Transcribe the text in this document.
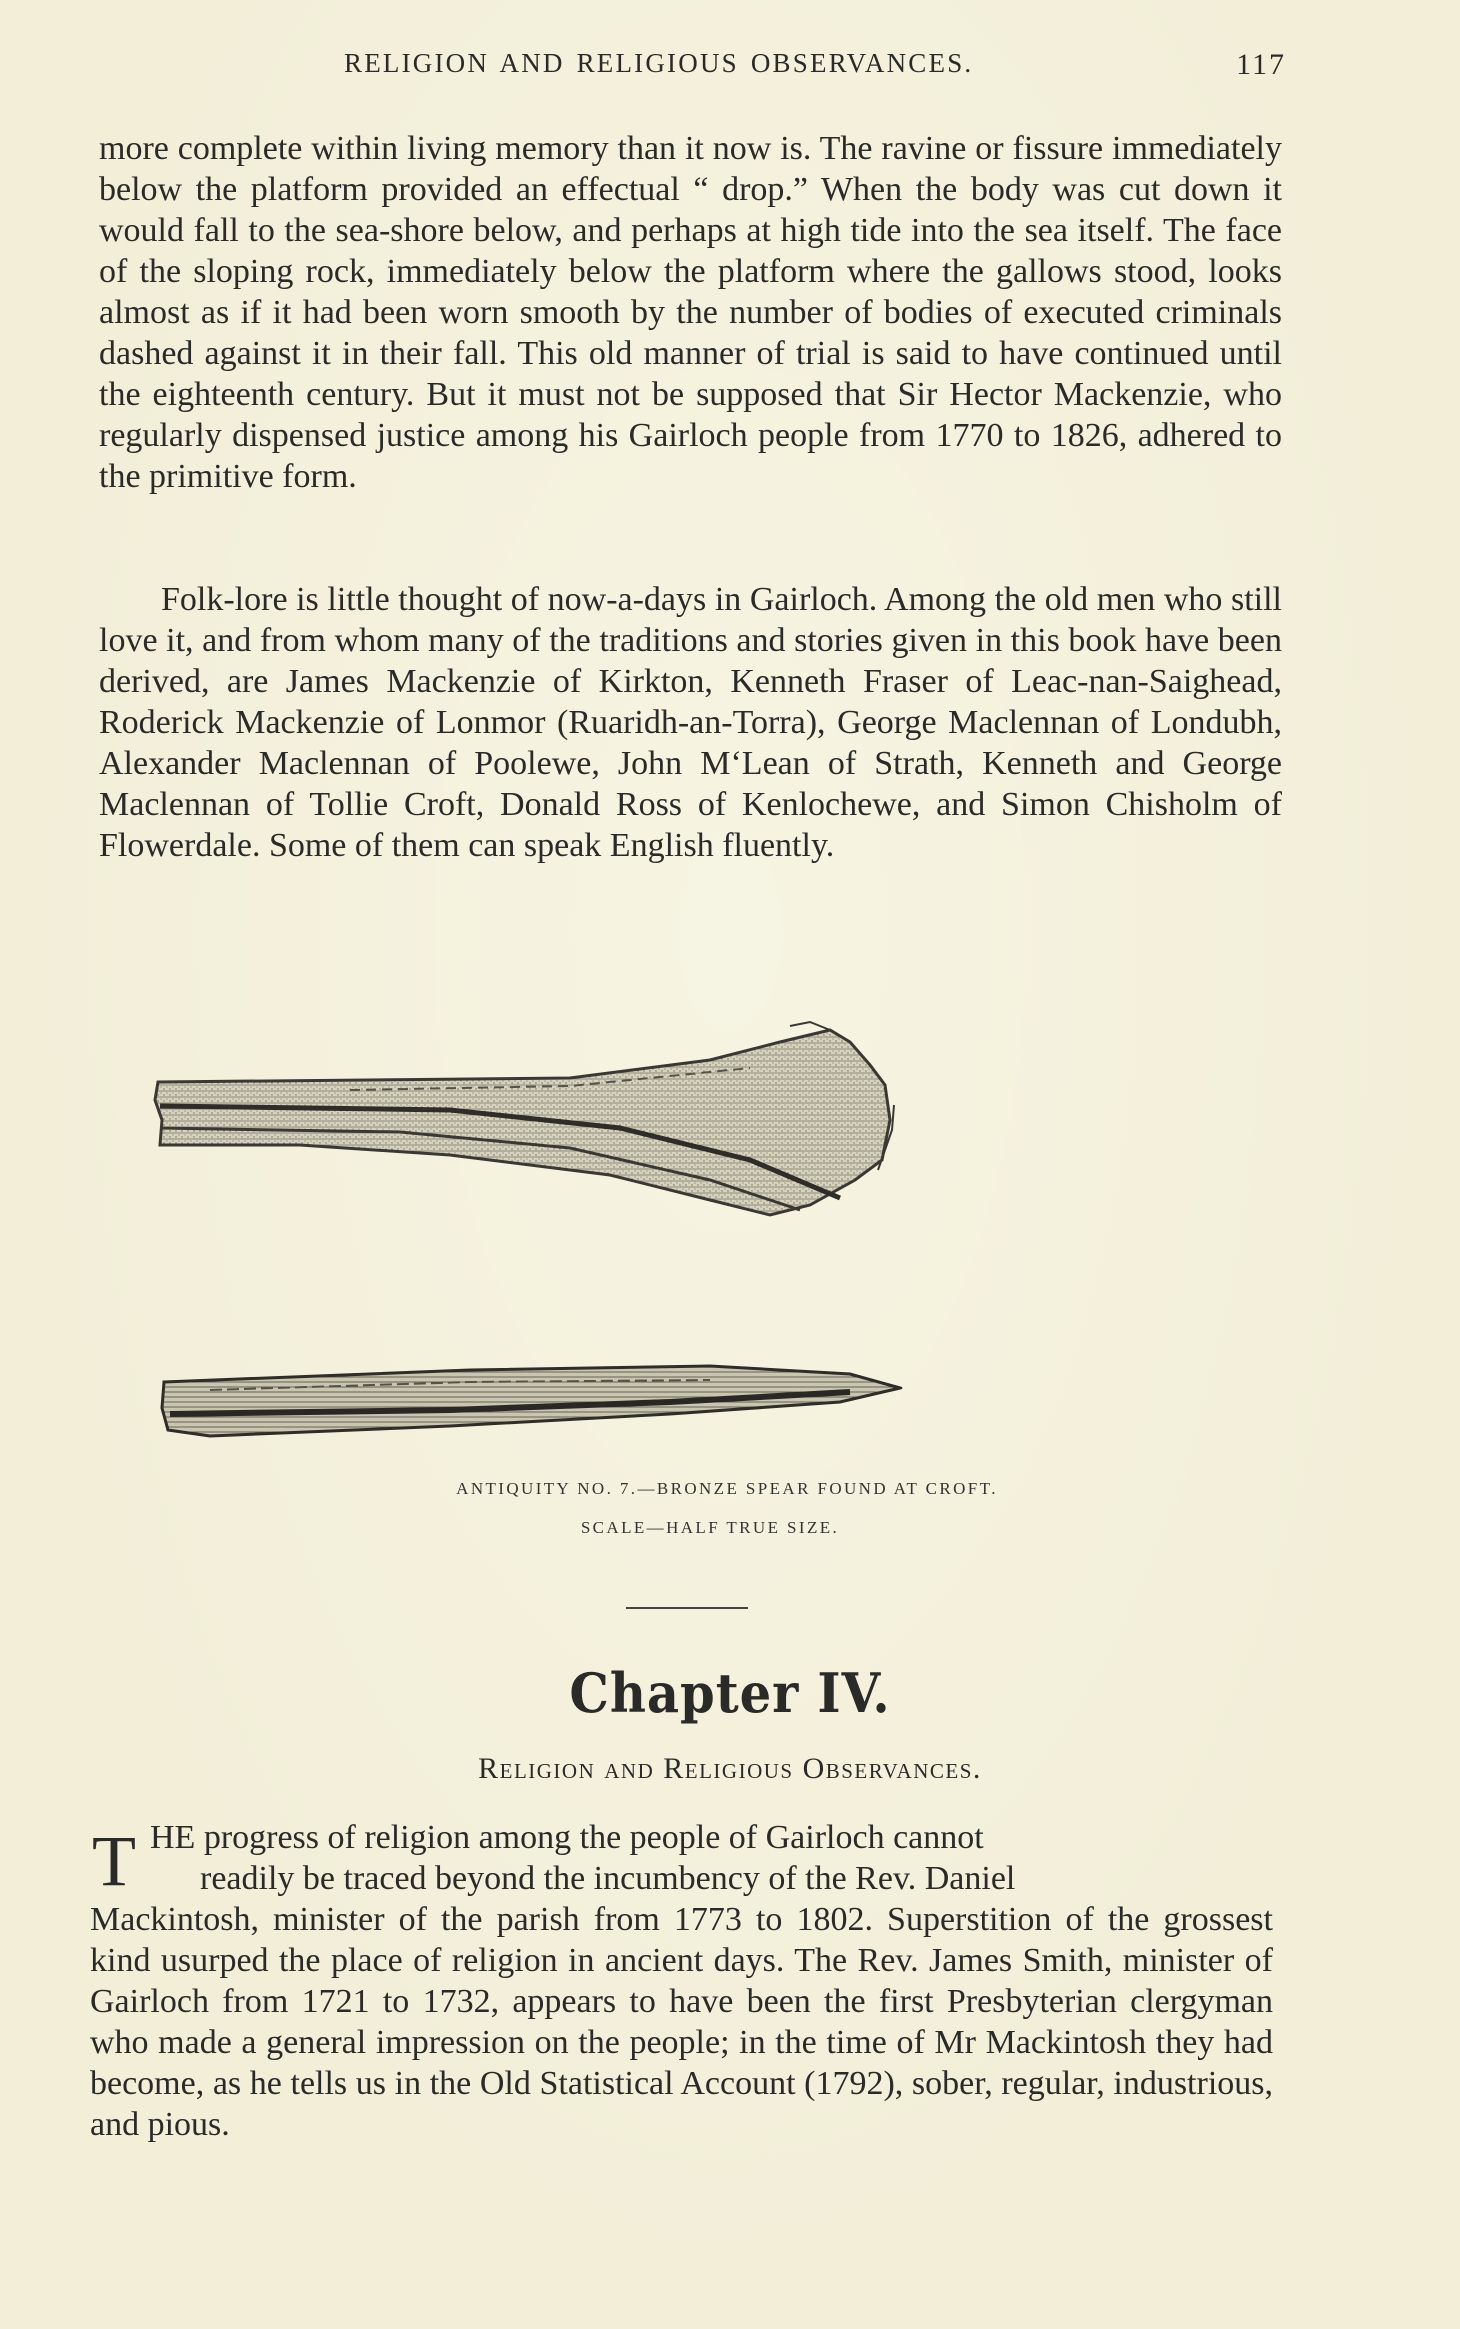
RELIGION AND RELIGIOUS OBSERVANCES.	117

more complete within living memory than it now is. The ravine or fissure immediately below the platform provided an effectual “ drop.” When the body was cut down it would fall to the sea-shore below, and perhaps at high tide into the sea itself. The face of the sloping rock, immediately below the platform where the gallows stood, looks almost as if it had been worn smooth by the number of bodies of executed criminals dashed against it in their fall. This old manner of trial is said to have continued until the eighteenth century. But it must not be supposed that Sir Hector Mackenzie, who regularly dispensed justice among his Gairloch people from 1770 to 1826, adhered to the primitive form.

Folk-lore is little thought of now-a-days in Gairloch. Among the old men who still love it, and from whom many of the traditions and stories given in this book have been derived, are James Mackenzie of Kirkton, Kenneth Fraser of Leac-nan-Saighead, Roderick Mackenzie of Lonmor (Ruaridh-an-Torra), George Maclennan of Londubh, Alexander Maclennan of Poolewe, John M‘Lean of Strath, Kenneth and George Maclennan of Tollie Croft, Donald Ross of Kenlochewe, and Simon Chisholm of Flowerdale. Some of them can speak English fluently.

ANTIQUITY NO. 7.—BRONZE SPEAR FOUND AT CROFT.
SCALE—HALF TRUE SIZE.
Chapter IV.
Religion and Religious Observances.
T HE progress of religion among the people of Gairloch cannot
readily be traced beyond the incumbency of the Rev. Daniel
Mackintosh, minister of the parish from 1773 to 1802. Superstition of the grossest kind usurped the place of religion in ancient days. The Rev. James Smith, minister of Gairloch from 1721 to 1732, appears to have been the first Presbyterian clergyman who made a general impression on the people; in the time of Mr Mackintosh they had become, as he tells us in the Old Statistical Account (1792), sober, regular, industrious, and pious.
